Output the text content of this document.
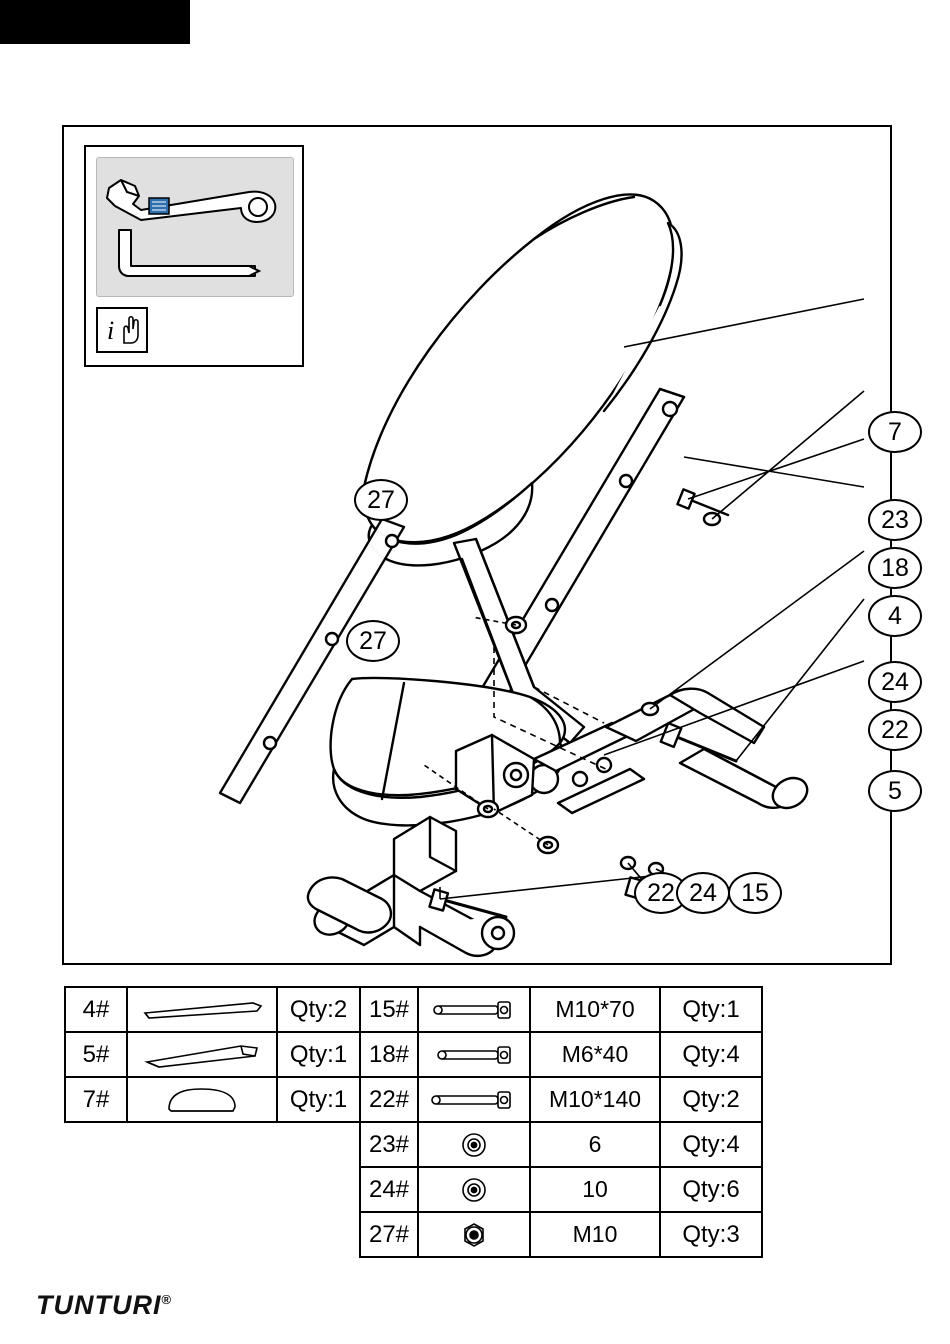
i
7
23
18
4
24
22
5
27
27
22 24 15
4#		Qty:2
5#		Qty:1
7#		Qty:1
15#		M10*70	Qty:1
18#		M6*40	Qty:4
22#		M10*140	Qty:2
23#		6	Qty:4
24#		10	Qty:6
27#		M10	Qty:3
TUNTURI®
